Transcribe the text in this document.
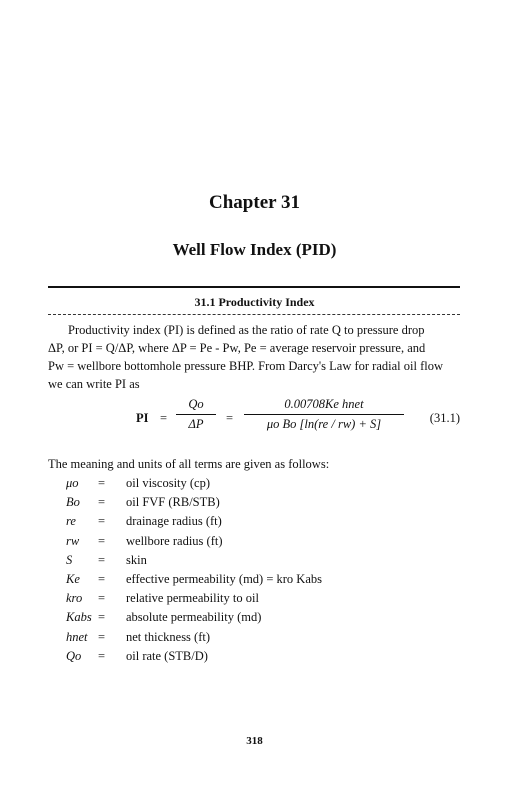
Chapter 31
Well Flow Index (PID)
31.1 Productivity Index

Productivity index (PI) is defined as the ratio of rate Q to pressure drop

ΔP, or PI = Q/ΔP, where ΔP = Pe - Pw, Pe = average reservoir pressure, and
Pw = wellbore bottomhole pressure BHP. From Darcy's Law for radial oil flow
we can write PI as
PI =
Qo
ΔP	=
0.00708Ke hnet
μo Bo [ln(re / rw) + S]	(31.1)
The meaning and units of all terms are given as follows:
μo	= oil viscosity (cp)
Bo	= oil FVF (RB/STB)
re	= drainage radius (ft)
rw	= wellbore radius (ft)
S	= skin
Ke	= effective permeability (md) = kro Kabs
kro	= relative permeability to oil
Kabs = absolute permeability (md)
hnet = net thickness (ft)
Qo	= oil rate (STB/D)
318
